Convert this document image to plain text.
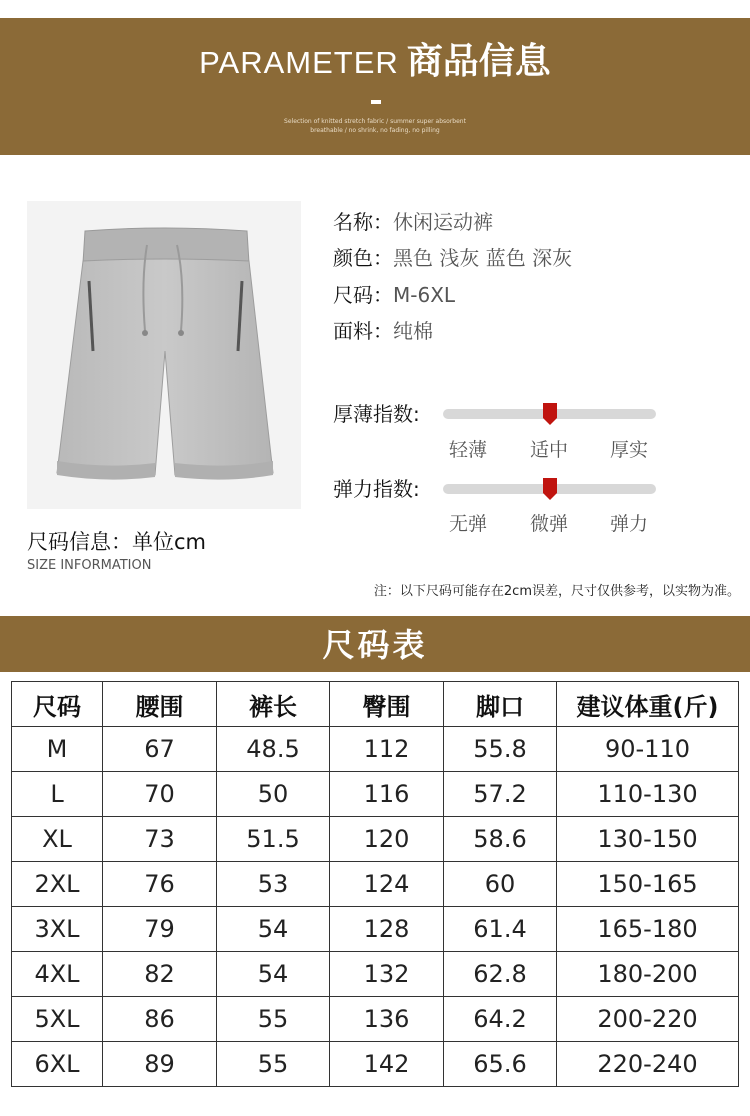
PARAMETER 商品信息
Selection of knitted stretch fabric / summer super absorbent
breathable / no shrink, no fading, no pilling
名称：休闲运动裤
颜色：黑色 浅灰 蓝色 深灰
尺码：M-6XL
面料：纯棉
厚薄指数:
轻薄	适中	厚实
弹力指数:
无弹	微弹	弹力
尺码信息：单位cm
SIZE INFORMATION
注：以下尺码可能存在2cm误差，尺寸仅供参考，以实物为准。
尺码表
尺码	腰围	裤长	臀围	脚口	建议体重(斤)
M	67	48.5	112	55.8	90-110
L	70	50	116	57.2	110-130
XL	73	51.5	120	58.6	130-150
2XL	76	53	124	60	150-165
3XL	79	54	128	61.4	165-180
4XL	82	54	132	62.8	180-200
5XL	86	55	136	64.2	200-220
6XL	89	55	142	65.6	220-240
